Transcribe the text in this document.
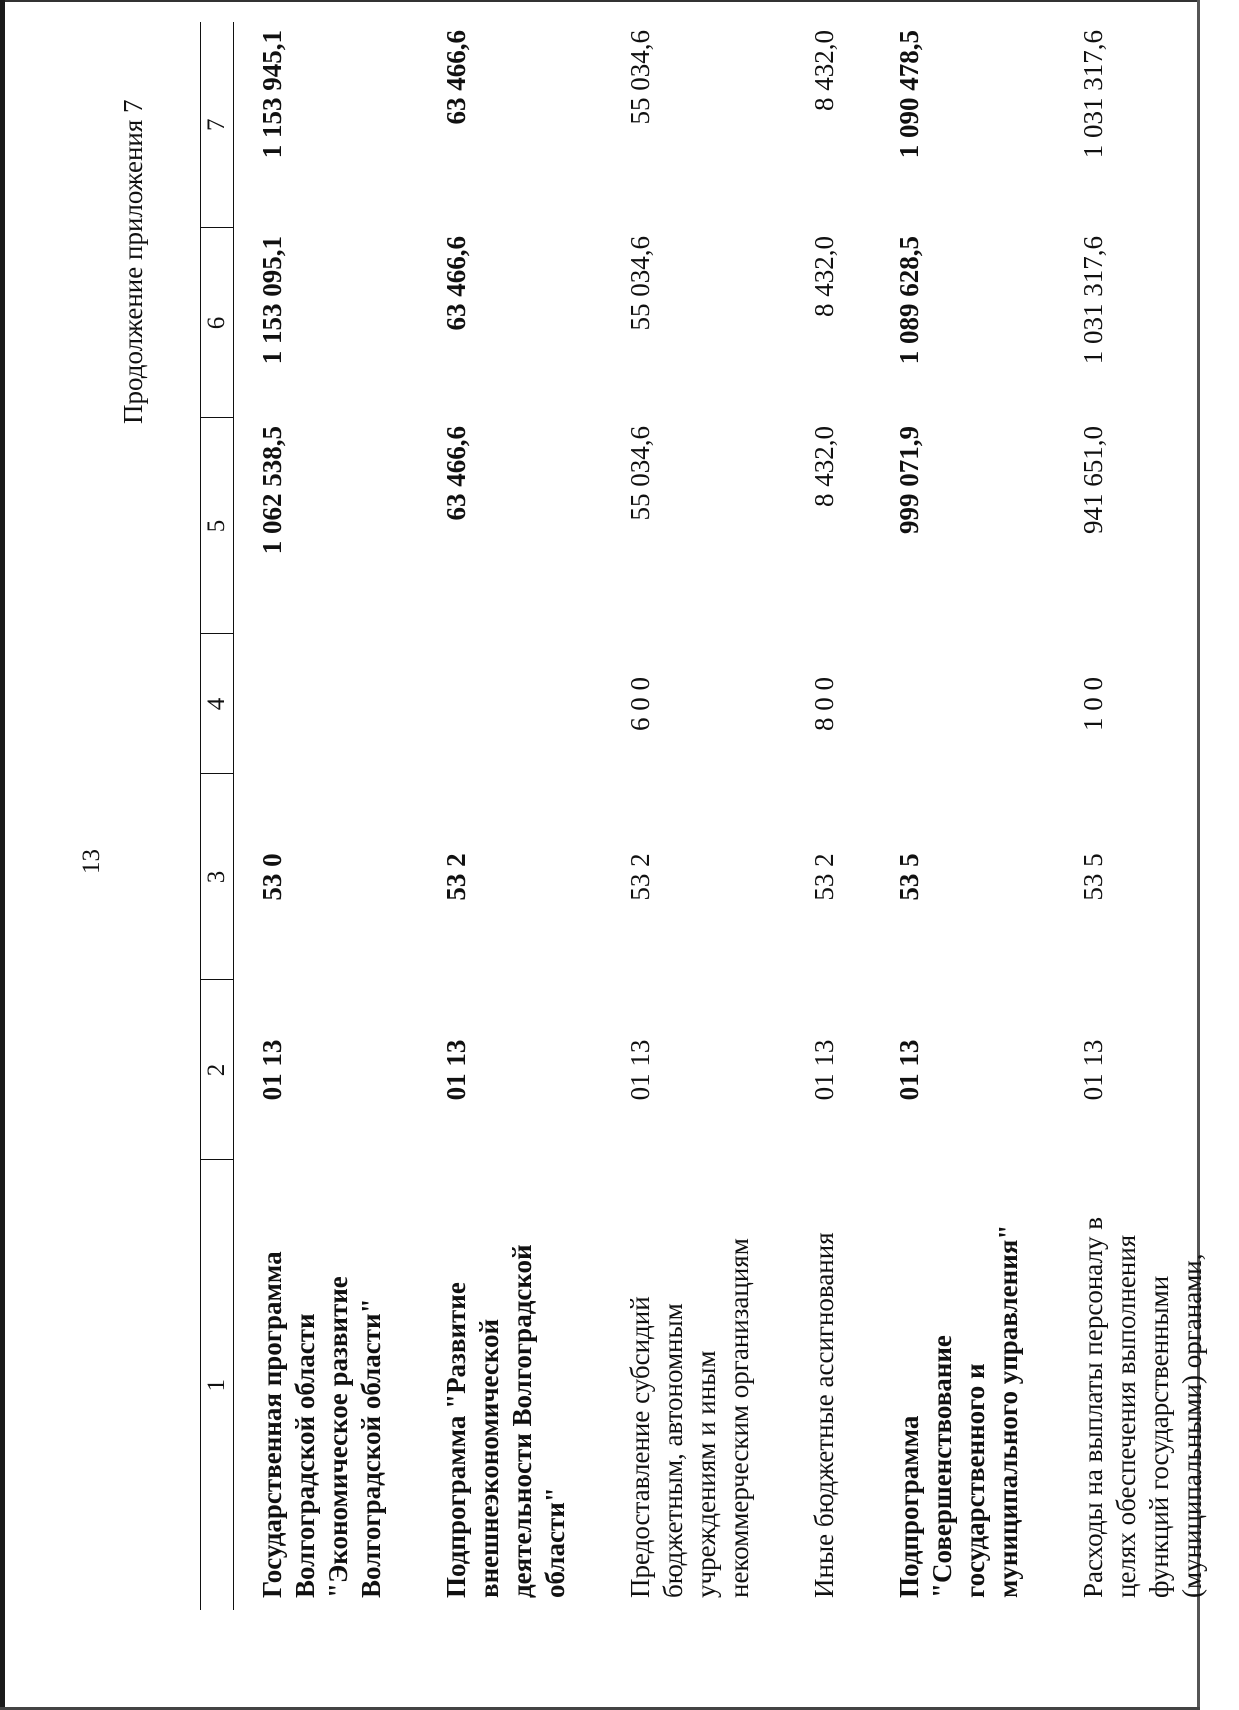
13
Продолжение приложения 7
1	2	3	4	5	6	7
Государственная программа Волгоградской области "Экономическое развитие Волгоградской области"	01 13	53 0		1 062 538,5	1 153 095,1	1 153 945,1
Подпрограмма "Развитие внешнеэкономической деятельности Волгоградской области"	01 13	53 2		63 466,6	63 466,6	63 466,6
Предоставление субсидий бюджетным, автономным учреждениям и иным некоммерческим организациям	01 13	53 2	6 0 0	55 034,6	55 034,6	55 034,6
Иные бюджетные ассигнования	01 13	53 2	8 0 0	8 432,0	8 432,0	8 432,0
Подпрограмма "Совершенствование государственного и муниципального управления"	01 13	53 5		999 071,9	1 089 628,5	1 090 478,5
Расходы на выплаты персоналу в целях обеспечения выполнения функций государственными (муниципальными) органами,	01 13	53 5	1 0 0	941 651,0	1 031 317,6	1 031 317,6
